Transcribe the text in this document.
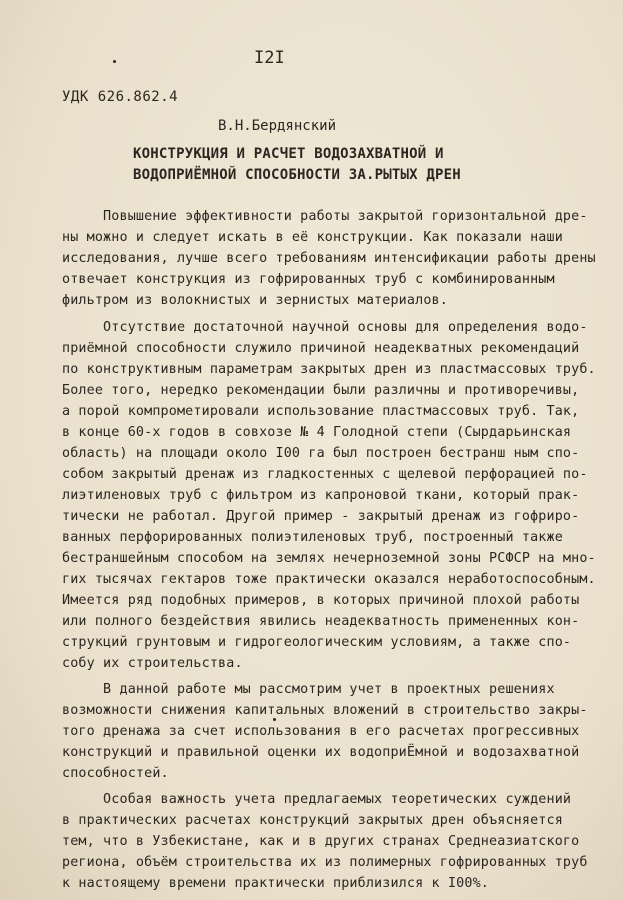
I2I
УДК 626.862.4
В.Н.Бердянский
КОНСТРУКЦИЯ И РАСЧЕТ ВОДОЗАХВАТНОЙ И
ВОДОПРИЁМНОЙ СПОСОБНОСТИ ЗА.РЫТЫХ ДРЕН
Повышение эффективности работы закрытой горизонтальной дре-
ны можно и следует искать в её конструкции. Как показали наши
исследования, лучше всего требованиям интенсификации работы дрены
отвечает конструкция из гофрированных труб с комбинированным
фильтром из волокнистых и зернистых материалов.
Отсутствие достаточной научной основы для определения водо-
приёмной способности служило причиной неадекватных рекомендаций
по конструктивным параметрам закрытых дрен из пластмассовых труб.
Более того, нередко рекомендации были различны и противоречивы,
а порой компрометировали использование пластмассовых труб. Так,
в конце 60-х годов в совхозе № 4 Голодной степи (Сырдарьинская
область) на площади около I00 га был построен бестранш ным спо-
собом закрытый дренаж из гладкостенных с щелевой перфорацией по-
лиэтиленовых труб с фильтром из капроновой ткани, который прак-
тически не работал. Другой пример - закрытый дренаж из гофриро-
ванных перфорированных полиэтиленовых труб, построенный также
бестраншейным способом на землях нечерноземной зоны РСФСР на мно-
гих тысячах гектаров тоже практически оказался неработоспособным.
Имеется ряд подобных примеров, в которых причиной плохой работы
или полного бездействия явились неадекватность примененных кон-
струкций грунтовым и гидрогеологическим условиям, а также спо-
собу их строительства.
В данной работе мы рассмотрим учет в проектных решениях
возможности снижения капитальных вложений в строительство закры-
того дренажа за счет использования в его расчетах прогрессивных
конструкций и правильной оценки их водоприЁмной и водозахватной
способностей.
Особая важность учета предлагаемых теоретических суждений
в практических расчетах конструкций закрытых дрен объясняется
тем, что в Узбекистане, как и в других странах Среднеазиатского
региона, объём строительства их из полимерных гофрированных труб
к настоящему времени практически приблизился к I00%.
